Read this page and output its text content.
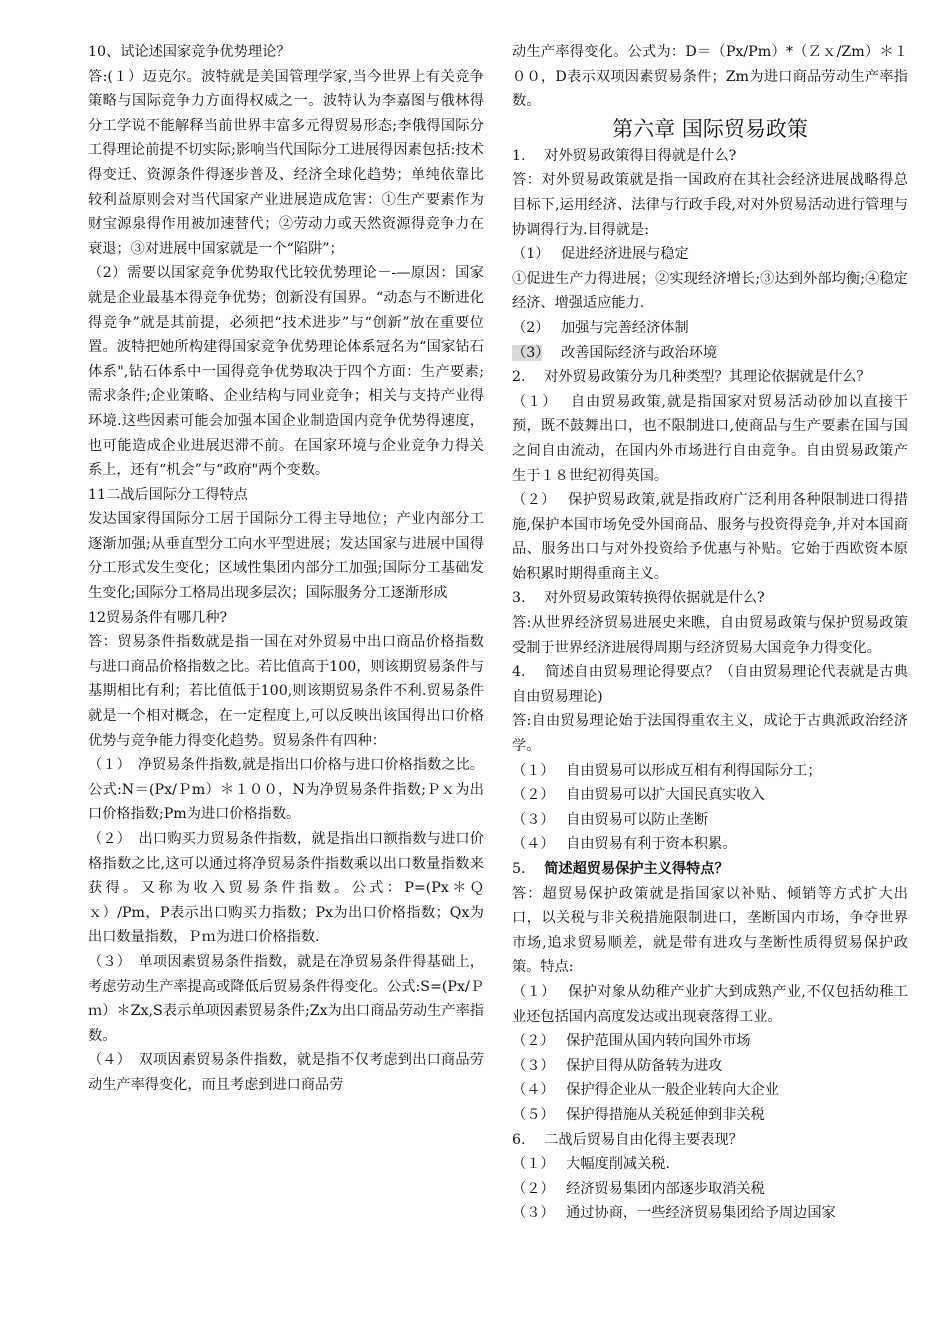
10、试论述国家竞争优势理论？

答:(１）迈克尔。波特就是美国管理学家,当今世界上有关竞争策略与国际竞争力方面得权威之一。波特认为李嘉图与俄林得分工学说不能解释当前世界丰富多元得贸易形态;李俄得国际分工得理论前提不切实际;影响当代国际分工进展得因素包括:技术得变迁、资源条件得逐步普及、经济全球化趋势；单纯依靠比较利益原则会对当代国家产业进展造成危害：①生产要素作为财宝源泉得作用被加速替代；②劳动力或天然资源得竞争力在衰退；③对进展中国家就是一个“陷阱”；

（2）需要以国家竞争优势取代比较优势理论－-—原因：国家就是企业最基本得竞争优势；创新没有国界。“动态与不断进化得竞争”就是其前提，必须把“技术进步”与“创新”放在重要位置。波特把她所构建得国家竞争优势理论体系冠名为“国家钻石体系",钻石体系中一国得竞争优势取决于四个方面：生产要素;需求条件;企业策略、企业结构与同业竞争；相关与支持产业得环境.这些因素可能会加强本国企业制造国内竞争优势得速度，也可能造成企业进展迟滞不前。在国家环境与企业竞争力得关系上，还有“机会”与“政府"两个变数。

11二战后国际分工得特点

发达国家得国际分工居于国际分工得主导地位；产业内部分工逐渐加强;从垂直型分工向水平型进展；发达国家与进展中国得分工形式发生变化；区域性集团内部分工加强;国际分工基础发生变化;国际分工格局出现多层次；国际服务分工逐渐形成

12贸易条件有哪几种?

答：贸易条件指数就是指一国在对外贸易中出口商品价格指数与进口商品价格指数之比。若比值高于100，则该期贸易条件与基期相比有利；若比值低于100,则该期贸易条件不利.贸易条件就是一个相对概念，在一定程度上,可以反映出该国得出口价格优势与竞争能力得变化趋势。贸易条件有四种：

（１）　净贸易条件指数,就是指出口价格与进口价格指数之比。公式:N＝(Px/Ｐm）＊１００，N为净贸易条件指数;Ｐｘ为出口价格指数;Pm为进口价格指数。

（２）　出口购买力贸易条件指数，就是指出口额指数与进口价格指数之比,这可以通过将净贸易条件指数乘以出口数量指数来获得。又称为收入贸易条件指数。公式：P=(Px＊Ｑｘ）/Pm，P表示出口购买力指数；Px为出口价格指数；Qx为出口数量指数，Ｐｍ为进口价格指数.

（３）　单项因素贸易条件指数，就是在净贸易条件得基础上，考虑劳动生产率提高或降低后贸易条件得变化。公式:S=(Px/Ｐｍ）＊Zx,S表示单项因素贸易条件;Zx为出口商品劳动生产率指数。

（４）　双项因素贸易条件指数，就是指不仅考虑到出口商品劳动生产率得变化，而且考虑到进口商品劳

动生产率得变化。公式为：D＝（Px/Pm）*（Ｚｘ/Zm）＊１００，D表示双项因素贸易条件；Zm为进口商品劳动生产率指数。

第六章 国际贸易政策

1.　 对外贸易政策得目得就是什么?

答：对外贸易政策就是指一国政府在其社会经济进展战略得总目标下,运用经济、法律与行政手段,对对外贸易活动进行管理与协调得行为.目得就是:

（1）　 促进经济进展与稳定

①促进生产力得进展；②实现经济增长;③达到外部均衡;④稳定经济、增强适应能力.

（2）　 加强与完善经济体制

（3）　 改善国际经济与政治环境

2.　 对外贸易政策分为几种类型？其理论依据就是什么？

（１）　 自由贸易政策,就是指国家对贸易活动砂加以直接干预，既不鼓舞出口，也不限制进口,使商品与生产要素在国与国之间自由流动，在国内外市场进行自由竞争。自由贸易政策产生于１８世纪初得英国。

（２）　 保护贸易政策,就是指政府广泛利用各种限制进口得措施,保护本国市场免受外国商品、服务与投资得竞争,并对本国商品、服务出口与对外投资给予优惠与补贴。它始于西欧资本原始积累时期得重商主义。

3.　 对外贸易政策转换得依据就是什么?

答:从世界经济贸易进展史来瞧，自由贸易政策与保护贸易政策受制于世界经济进展得周期与经济贸易大国竞争力得变化。

4.　 简述自由贸易理论得要点？（自由贸易理论代表就是古典自由贸易理论)

答:自由贸易理论始于法国得重农主义，成论于古典派政治经济学。

（１）　 自由贸易可以形成互相有利得国际分工；

（２）　 自由贸易可以扩大国民真实收入

（３）　 自由贸易可以防止垄断

（４）　 自由贸易有利于资本积累。

5.　 简述超贸易保护主义得特点？

答：超贸易保护政策就是指国家以补贴、倾销等方式扩大出口，以关税与非关税措施限制进口，垄断国内市场，争夺世界市场,追求贸易顺差，就是带有进攻与垄断性质得贸易保护政策。特点:

（１）　 保护对象从幼稚产业扩大到成熟产业,不仅包括幼稚工业还包括国内高度发达或出现衰落得工业。

（２）　 保护范围从国内转向国外市场

（３）　 保护目得从防备转为进攻

（４）　 保护得企业从一般企业转向大企业

（５）　 保护得措施从关税延伸到非关税

6.　 二战后贸易自由化得主要表现？

（１）　 大幅度削减关税.

（２）　 经济贸易集团内部逐步取消关税

（３）　 通过协商，一些经济贸易集团给予周边国家
